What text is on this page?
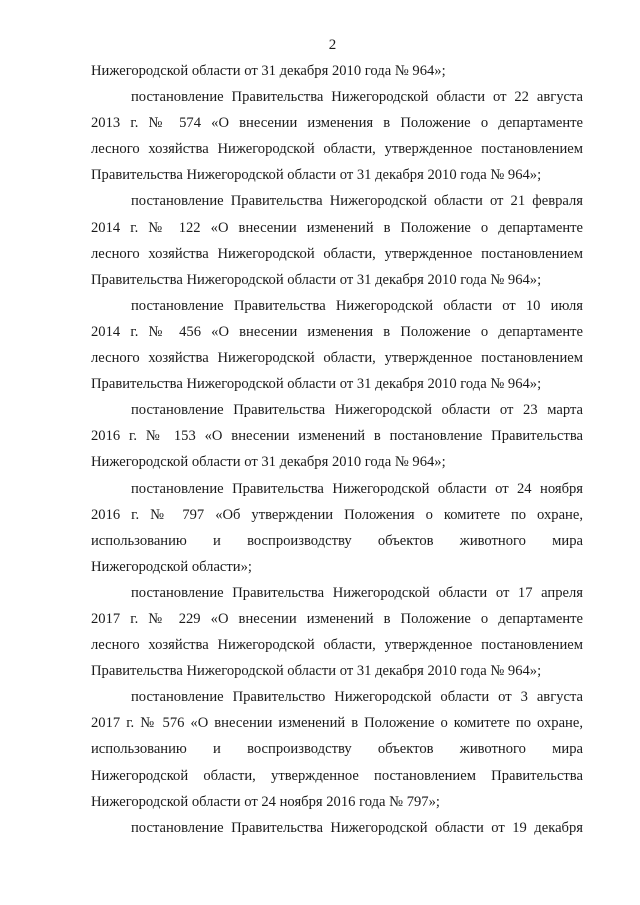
2
Нижегородской области от 31 декабря 2010 года № 964»;
постановление Правительства Нижегородской области от 22 августа
2013 г. № 574 «О внесении изменения в Положение о департаменте
лесного хозяйства Нижегородской области, утвержденное постановлением
Правительства Нижегородской области от 31 декабря 2010 года № 964»;
постановление Правительства Нижегородской области от 21 февраля
2014 г. № 122 «О внесении изменений в Положение о департаменте
лесного хозяйства Нижегородской области, утвержденное постановлением
Правительства Нижегородской области от 31 декабря 2010 года № 964»;
постановление Правительства Нижегородской области от 10 июля
2014 г. № 456 «О внесении изменения в Положение о департаменте
лесного хозяйства Нижегородской области, утвержденное постановлением
Правительства Нижегородской области от 31 декабря 2010 года № 964»;
постановление Правительства Нижегородской области от 23 марта
2016 г. № 153 «О внесении изменений в постановление Правительства
Нижегородской области от 31 декабря 2010 года № 964»;
постановление Правительства Нижегородской области от 24 ноября
2016 г. № 797 «Об утверждении Положения о комитете по охране,
использованию и воспроизводству объектов животного мира
Нижегородской области»;
постановление Правительства Нижегородской области от 17 апреля
2017 г. № 229 «О внесении изменений в Положение о департаменте
лесного хозяйства Нижегородской области, утвержденное постановлением
Правительства Нижегородской области от 31 декабря 2010 года № 964»;
постановление Правительство Нижегородской области от 3 августа
2017 г. № 576 «О внесении изменений в Положение о комитете по охране,
использованию и воспроизводству объектов животного мира
Нижегородской области, утвержденное постановлением Правительства
Нижегородской области от 24 ноября 2016 года № 797»;
постановление Правительства Нижегородской области от 19 декабря
